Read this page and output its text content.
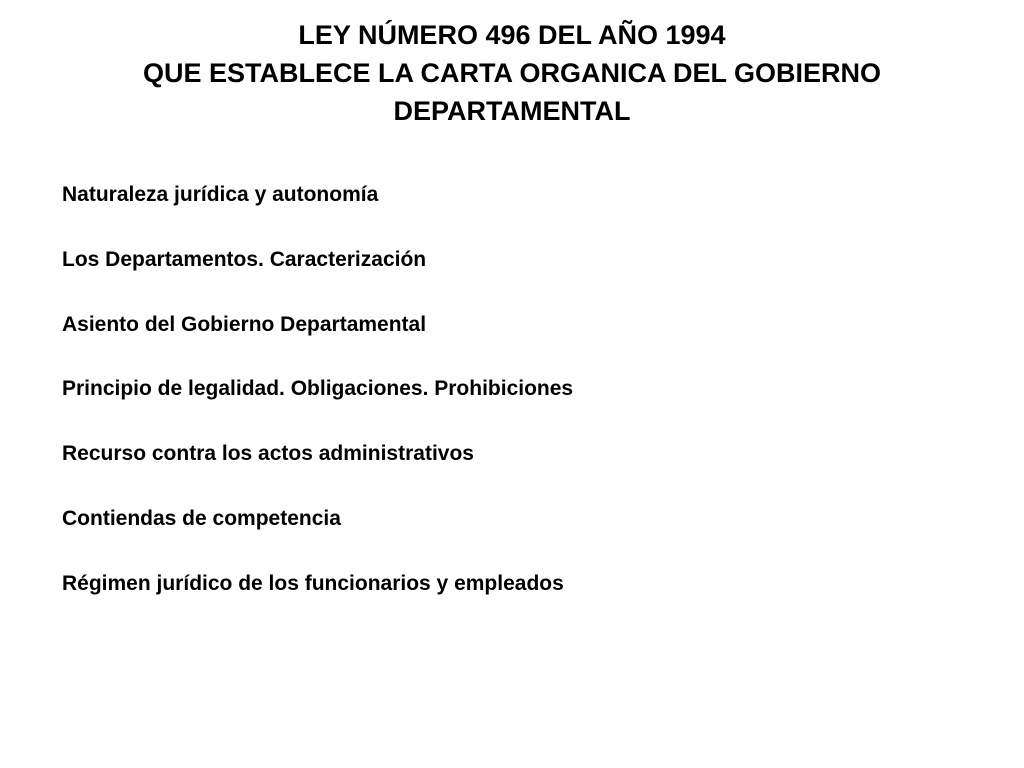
LEY NÚMERO 496 DEL AÑO 1994
QUE ESTABLECE LA CARTA ORGANICA DEL GOBIERNO
DEPARTAMENTAL
Naturaleza jurídica y autonomía
Los Departamentos. Caracterización
Asiento del Gobierno Departamental
Principio de legalidad. Obligaciones. Prohibiciones
Recurso contra los actos administrativos
Contiendas de competencia
Régimen jurídico de los funcionarios y empleados
